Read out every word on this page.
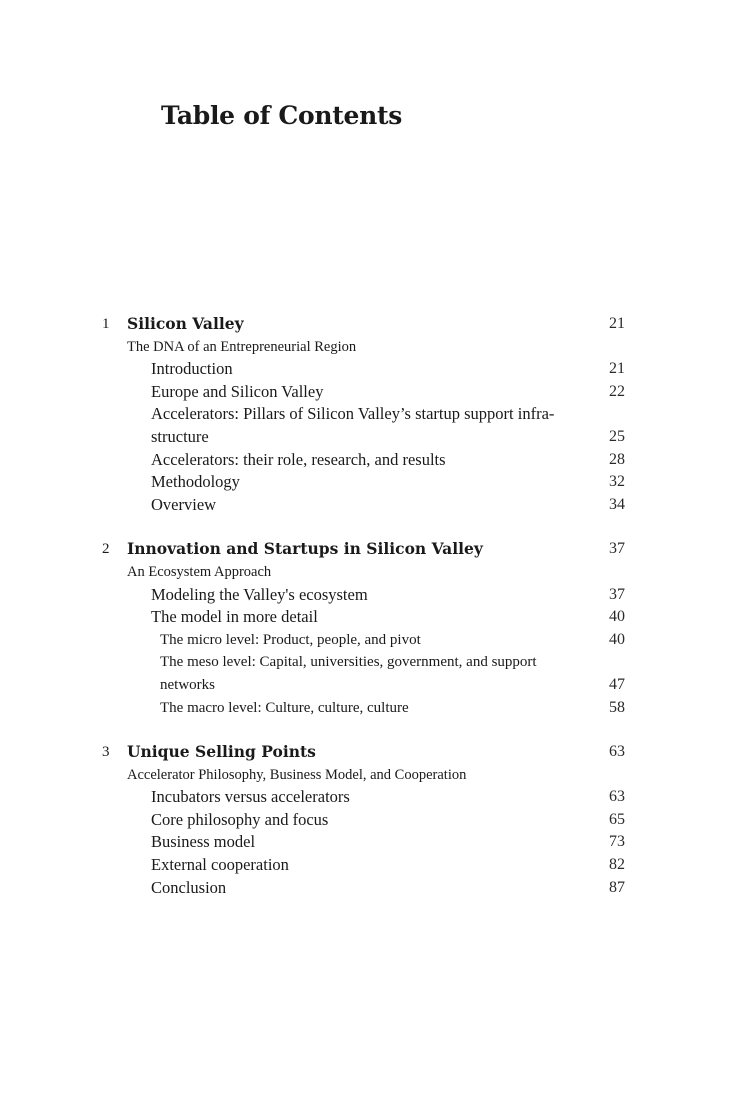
Table of Contents
1 Silicon Valley	21
The DNA of an Entrepreneurial Region
Introduction	21
Europe and Silicon Valley	22
Accelerators: Pillars of Silicon Valley’s startup support infra-
structure	25
Accelerators: their role, research, and results	28
Methodology	32
Overview	34
2 Innovation and Startups in Silicon Valley	37
An Ecosystem Approach
Modeling the Valley's ecosystem	37
The model in more detail	40
The micro level: Product, people, and pivot	40
The meso level: Capital, universities, government, and support
networks	47
The macro level: Culture, culture, culture	58
3 Unique Selling Points	63
Accelerator Philosophy, Business Model, and Cooperation
Incubators versus accelerators	63
Core philosophy and focus	65
Business model	73
External cooperation	82
Conclusion	87
